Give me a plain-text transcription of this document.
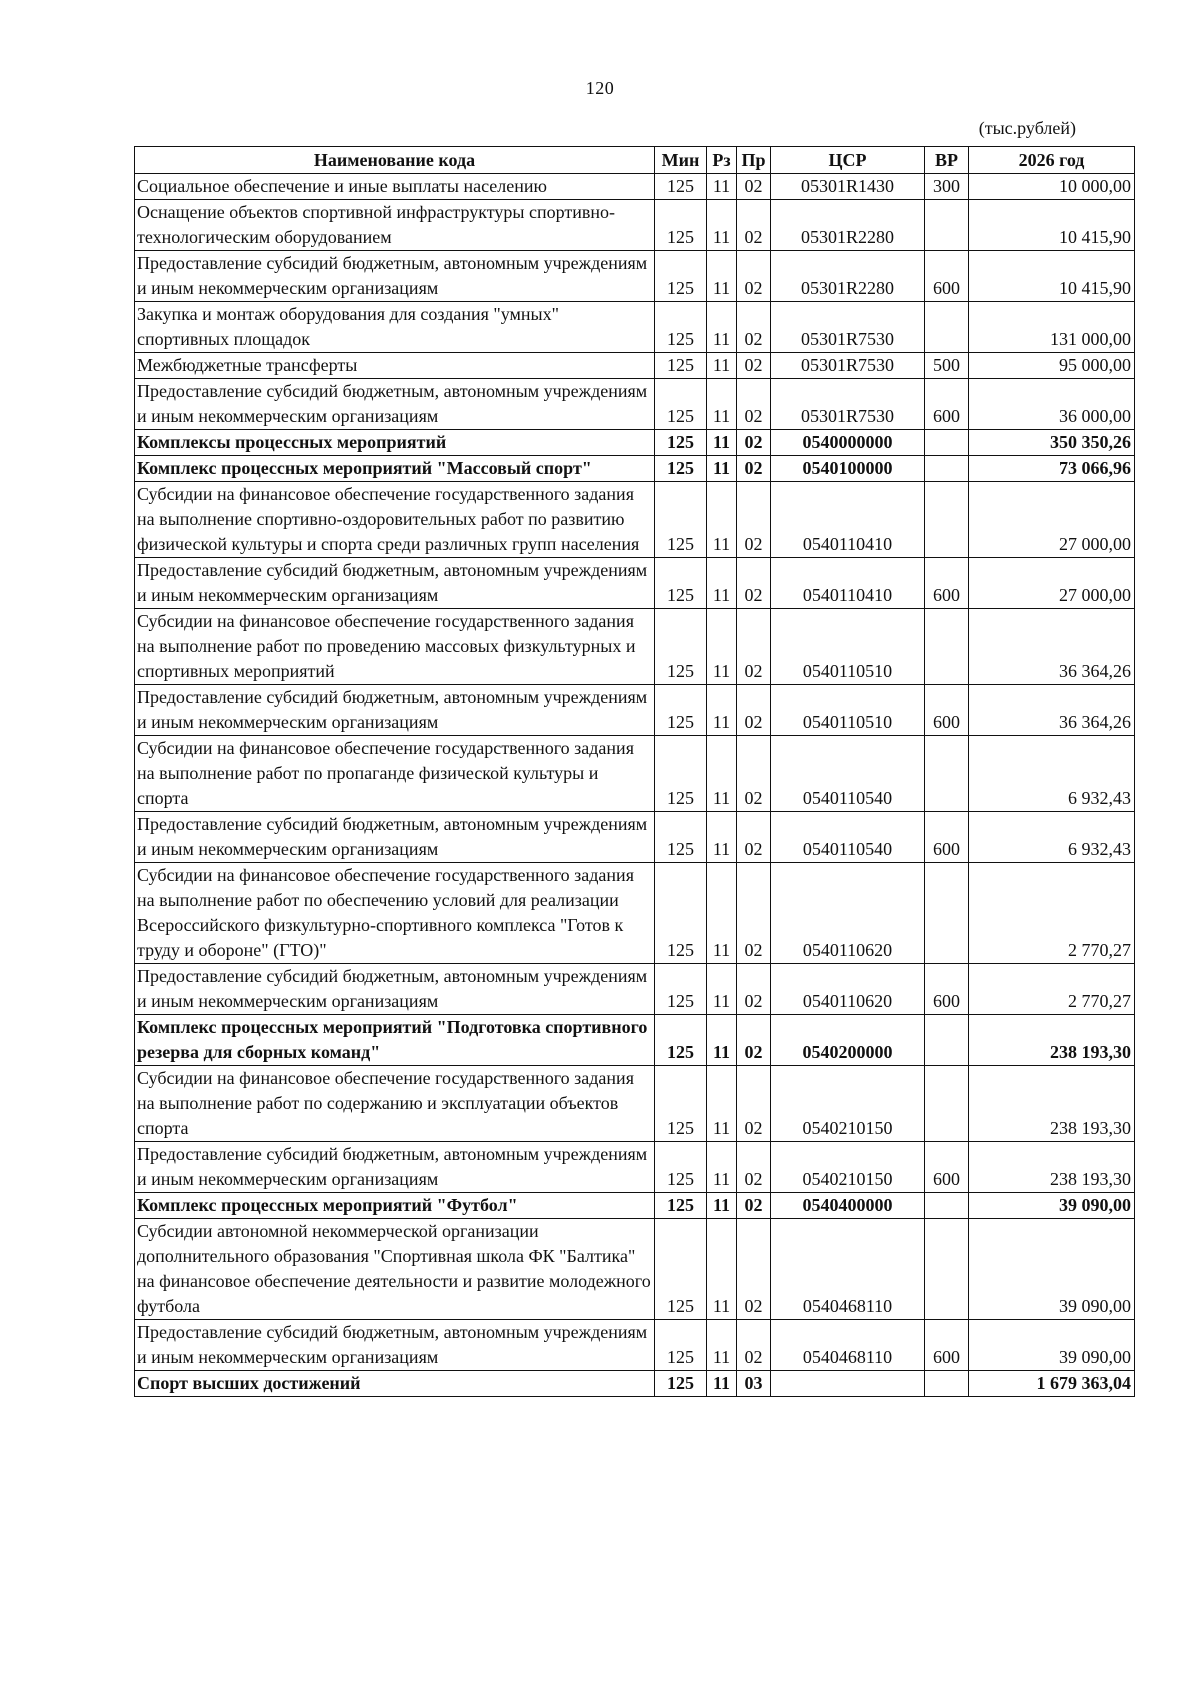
120
(тыс.рублей)
Наименование кода	Мин	Рз	Пр	ЦСР	ВР	2026 год
Социальное обеспечение и иные выплаты населению	125	11	02	05301R1430	300	10 000,00
Оснащение объектов спортивной инфраструктуры спортивно-технологическим оборудованием	125	11	02	05301R2280		10 415,90
Предоставление субсидий бюджетным, автономным учреждениям и иным некоммерческим организациям	125	11	02	05301R2280	600	10 415,90
Закупка и монтаж оборудования для создания "умных" спортивных площадок	125	11	02	05301R7530		131 000,00
Межбюджетные трансферты	125	11	02	05301R7530	500	95 000,00
Предоставление субсидий бюджетным, автономным учреждениям и иным некоммерческим организациям	125	11	02	05301R7530	600	36 000,00
Комплексы процессных мероприятий	125	11	02	0540000000		350 350,26
Комплекс процессных мероприятий "Массовый спорт"	125	11	02	0540100000		73 066,96
Субсидии на финансовое обеспечение государственного задания на выполнение спортивно-оздоровительных работ по развитию физической культуры и спорта среди различных групп населения	125	11	02	0540110410		27 000,00
Предоставление субсидий бюджетным, автономным учреждениям и иным некоммерческим организациям	125	11	02	0540110410	600	27 000,00
Субсидии на финансовое обеспечение государственного задания на выполнение работ по проведению массовых физкультурных и спортивных мероприятий	125	11	02	0540110510		36 364,26
Предоставление субсидий бюджетным, автономным учреждениям и иным некоммерческим организациям	125	11	02	0540110510	600	36 364,26
Субсидии на финансовое обеспечение государственного задания на выполнение работ по пропаганде физической культуры и спорта	125	11	02	0540110540		6 932,43
Предоставление субсидий бюджетным, автономным учреждениям и иным некоммерческим организациям	125	11	02	0540110540	600	6 932,43
Субсидии на финансовое обеспечение государственного задания на выполнение работ по обеспечению условий для реализации Всероссийского физкультурно-спортивного комплекса "Готов к труду и обороне" (ГТО)"	125	11	02	0540110620		2 770,27
Предоставление субсидий бюджетным, автономным учреждениям и иным некоммерческим организациям	125	11	02	0540110620	600	2 770,27
Комплекс процессных мероприятий "Подготовка спортивного резерва для сборных команд"	125	11	02	0540200000		238 193,30
Субсидии на финансовое обеспечение государственного задания на выполнение работ по содержанию и эксплуатации объектов спорта	125	11	02	0540210150		238 193,30
Предоставление субсидий бюджетным, автономным учреждениям и иным некоммерческим организациям	125	11	02	0540210150	600	238 193,30
Комплекс процессных мероприятий "Футбол"	125	11	02	0540400000		39 090,00
Субсидии автономной некоммерческой организации дополнительного образования "Спортивная школа ФК "Балтика" на финансовое обеспечение деятельности и развитие молодежного футбола	125	11	02	0540468110		39 090,00
Предоставление субсидий бюджетным, автономным учреждениям и иным некоммерческим организациям	125	11	02	0540468110	600	39 090,00
Спорт высших достижений	125	11	03			1 679 363,04
